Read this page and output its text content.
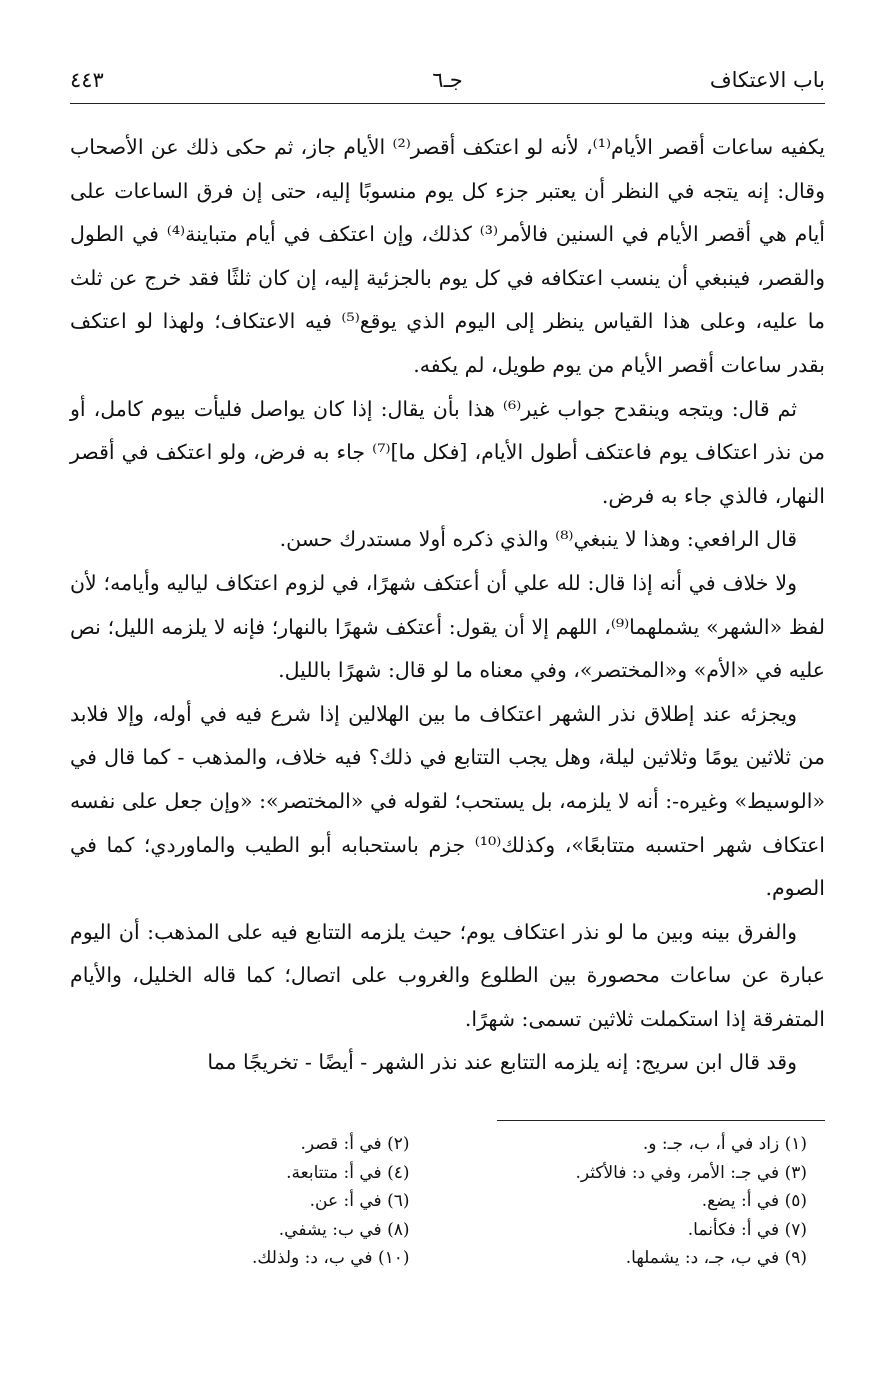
باب الاعتكاف
جـ٦
٤٤٣

يكفيه ساعات أقصر الأيام⁽¹⁾، لأنه لو اعتكف أقصر⁽²⁾ الأيام جاز، ثم حكى ذلك عن الأصحاب وقال: إنه يتجه في النظر أن يعتبر جزء كل يوم منسوبًا إليه، حتى إن فرق الساعات على أيام هي أقصر الأيام في السنين فالأمر⁽³⁾ كذلك، وإن اعتكف في أيام متباينة⁽⁴⁾ في الطول والقصر، فينبغي أن ينسب اعتكافه في كل يوم بالجزئية إليه، إن كان ثلثًا فقد خرج عن ثلث ما عليه، وعلى هذا القياس ينظر إلى اليوم الذي يوقع⁽⁵⁾ فيه الاعتكاف؛ ولهذا لو اعتكف بقدر ساعات أقصر الأيام من يوم طويل، لم يكفه.

ثم قال: ويتجه وينقدح جواب غير⁽⁶⁾ هذا بأن يقال: إذا كان يواصل فليأت بيوم كامل، أو من نذر اعتكاف يوم فاعتكف أطول الأيام، [فكل ما]⁽⁷⁾ جاء به فرض، ولو اعتكف في أقصر النهار، فالذي جاء به فرض.

قال الرافعي: وهذا لا ينبغي⁽⁸⁾ والذي ذكره أولا مستدرك حسن.

ولا خلاف في أنه إذا قال: لله علي أن أعتكف شهرًا، في لزوم اعتكاف لياليه وأيامه؛ لأن لفظ «الشهر» يشملهما⁽⁹⁾، اللهم إلا أن يقول: أعتكف شهرًا بالنهار؛ فإنه لا يلزمه الليل؛ نص عليه في «الأم» و«المختصر»، وفي معناه ما لو قال: شهرًا بالليل.

ويجزئه عند إطلاق نذر الشهر اعتكاف ما بين الهلالين إذا شرع فيه في أوله، وإلا فلابد من ثلاثين يومًا وثلاثين ليلة، وهل يجب التتابع في ذلك؟ فيه خلاف، والمذهب - كما قال في «الوسيط» وغيره-: أنه لا يلزمه، بل يستحب؛ لقوله في «المختصر»: «وإن جعل على نفسه اعتكاف شهر احتسبه متتابعًا»، وكذلك⁽¹⁰⁾ جزم باستحبابه أبو الطيب والماوردي؛ كما في الصوم.

والفرق بينه وبين ما لو نذر اعتكاف يوم؛ حيث يلزمه التتابع فيه على المذهب: أن اليوم عبارة عن ساعات محصورة بين الطلوع والغروب على اتصال؛ كما قاله الخليل، والأيام المتفرقة إذا استكملت ثلاثين تسمى: شهرًا.

وقد قال ابن سريج: إنه يلزمه التتابع عند نذر الشهر - أيضًا - تخريجًا مما

(١) زاد في أ، ب، جـ: و.
(٢) في أ: قصر.
(٣) في جـ: الأمر، وفي د: فالأكثر.
(٤) في أ: متتابعة.
(٥) في أ: يضع.
(٦) في أ: عن.
(٧) في أ: فكأنما.
(٨) في ب: يشفي.
(٩) في ب، جـ، د: يشملها.
(١٠) في ب، د: ولذلك.
